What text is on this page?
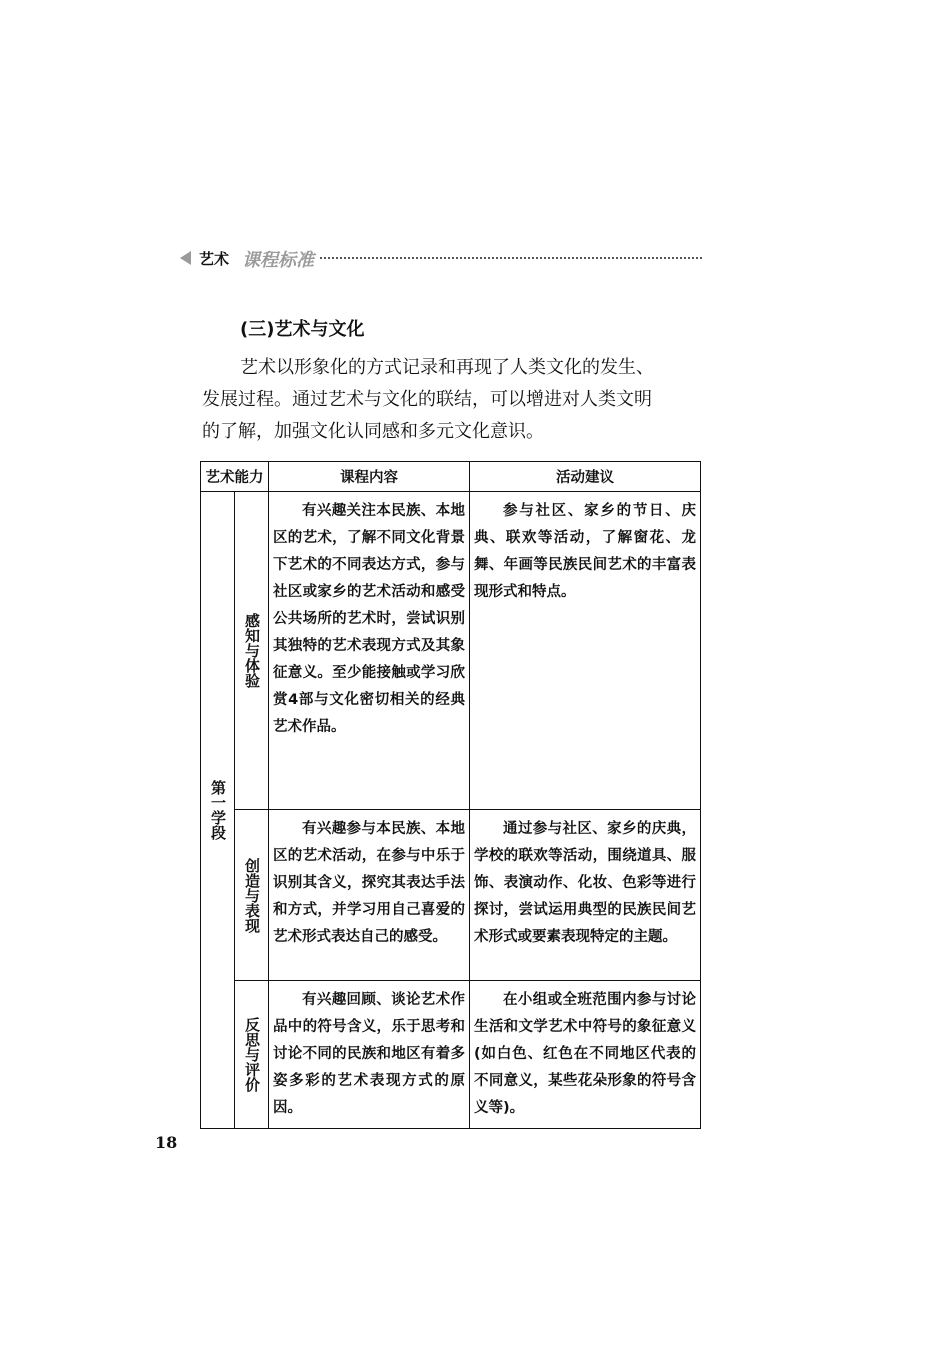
艺术 课程标准
(三)艺术与文化
艺术以形象化的方式记录和再现了人类文化的发生、
发展过程。通过艺术与文化的联结，可以增进对人类文明
的了解，加强文化认同感和多元文化意识。
艺术能力		课程内容	活动建议

第一学段	感知与体验	有兴趣关注本民族、本地区的艺术，了解不同文化背景下艺术的不同表达方式，参与社区或家乡的艺术活动和感受公共场所的艺术时，尝试识别其独特的艺术表现方式及其象征意义。至少能接触或学习欣赏4部与文化密切相关的经典艺术作品。	参与社区、家乡的节日、庆典、联欢等活动，了解窗花、龙舞、年画等民族民间艺术的丰富表现形式和特点。

	创造与表现	有兴趣参与本民族、本地区的艺术活动，在参与中乐于识别其含义，探究其表达手法和方式，并学习用自己喜爱的艺术形式表达自己的感受。	通过参与社区、家乡的庆典，学校的联欢等活动，围绕道具、服饰、表演动作、化妆、色彩等进行探讨，尝试运用典型的民族民间艺术形式或要素表现特定的主题。

	反思与评价	有兴趣回顾、谈论艺术作品中的符号含义，乐于思考和讨论不同的民族和地区有着多姿多彩的艺术表现方式的原因。	在小组或全班范围内参与讨论生活和文学艺术中符号的象征意义(如白色、红色在不同地区代表的不同意义，某些花朵形象的符号含义等)。

18
